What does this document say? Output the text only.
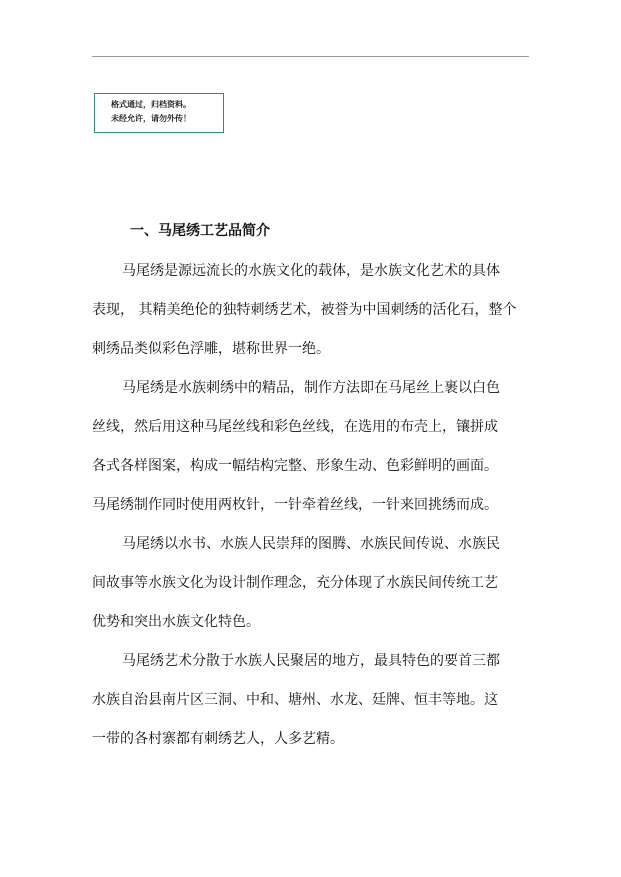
格式通过，归档资料。
未经允许，请勿外传！
一、马尾绣工艺品简介

马尾绣是源远流长的水族文化的载体，是水族文化艺术的具体
表现， 其精美绝伦的独特刺绣艺术，被誉为中国刺绣的活化石，整个
刺绣品类似彩色浮雕，堪称世界一绝。

马尾绣是水族刺绣中的精品，制作方法即在马尾丝上裹以白色
丝线，然后用这种马尾丝线和彩色丝线，在选用的布壳上，镶拼成
各式各样图案，构成一幅结构完整、形象生动、色彩鲜明的画面。
马尾绣制作同时使用两枚针，一针牵着丝线，一针来回挑绣而成。

马尾绣以水书、水族人民崇拜的图腾、水族民间传说、水族民
间故事等水族文化为设计制作理念，充分体现了水族民间传统工艺
优势和突出水族文化特色。

马尾绣艺术分散于水族人民聚居的地方，最具特色的要首三都
水族自治县南片区三洞、中和、塘州、水龙、廷牌、恒丰等地。这
一带的各村寨都有刺绣艺人，人多艺精。
